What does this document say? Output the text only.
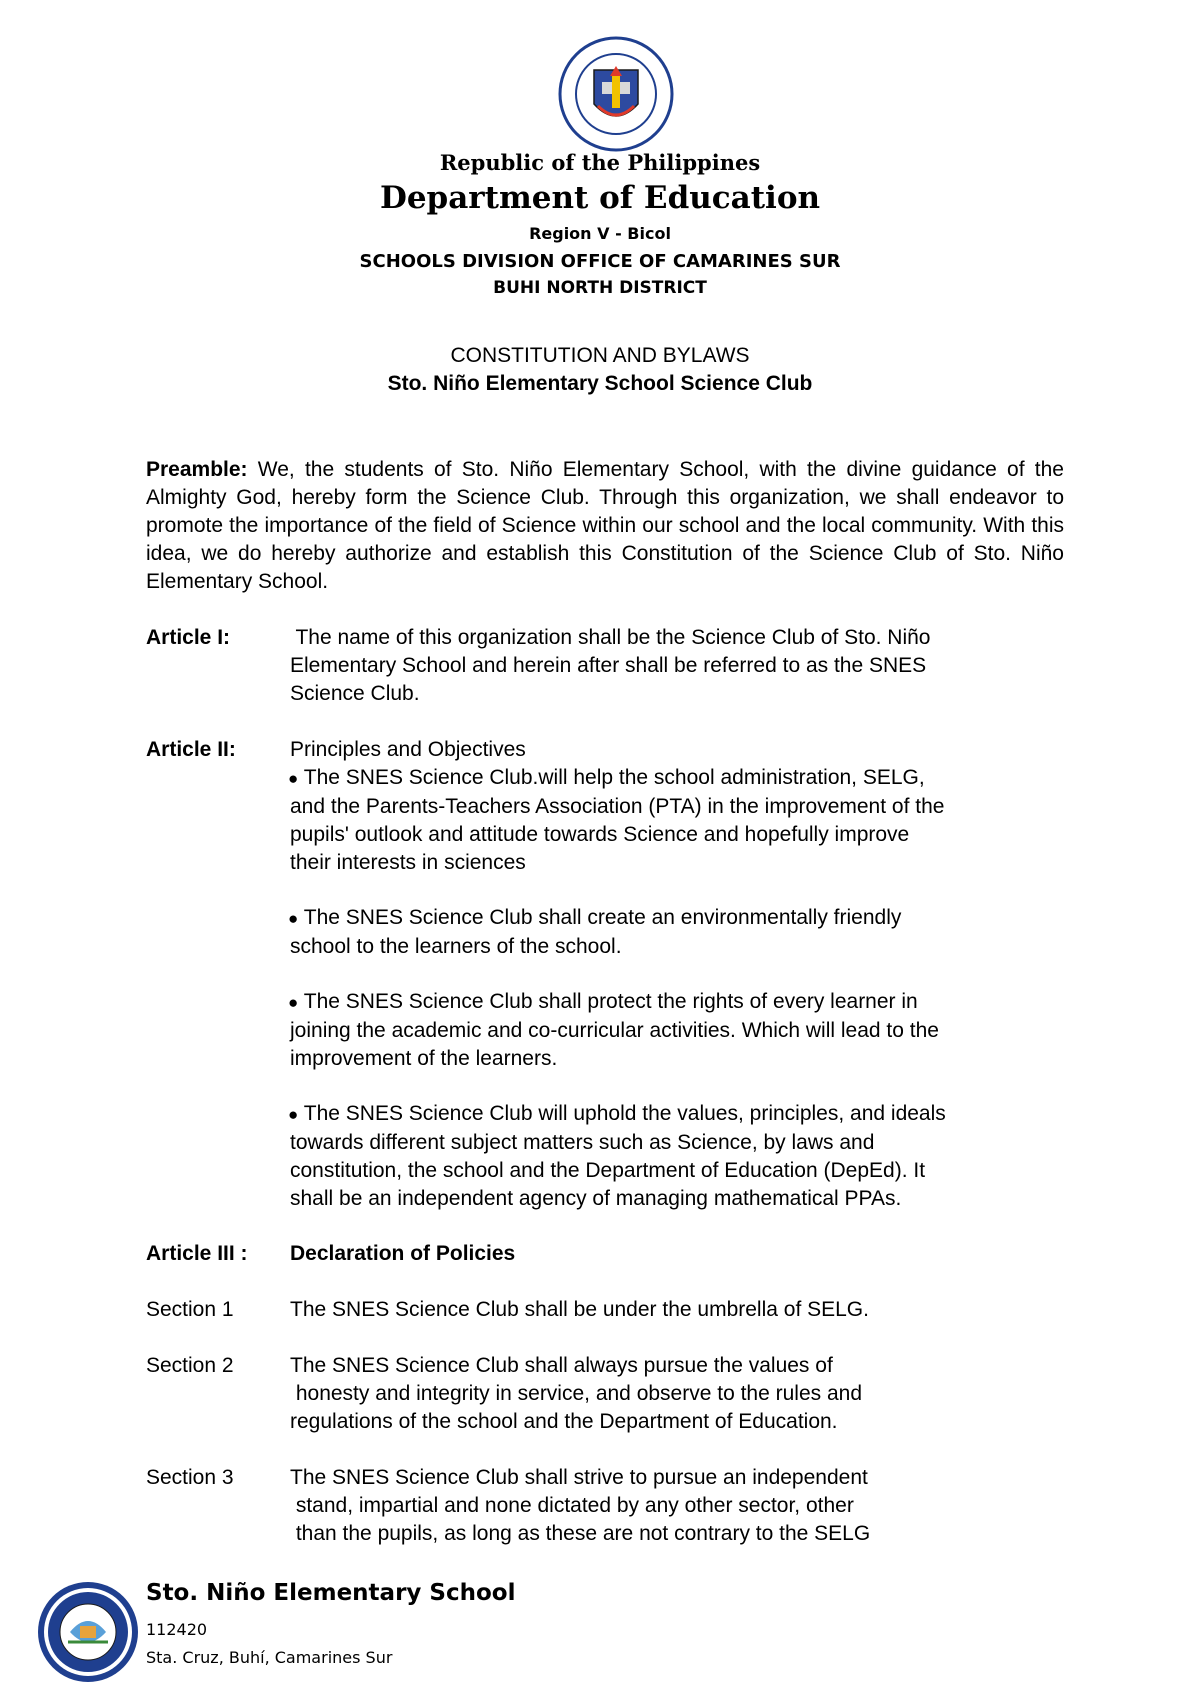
Republic of the Philippines
Department of Education
Region V - Bicol
SCHOOLS DIVISION OFFICE OF CAMARINES SUR
BUHI NORTH DISTRICT
CONSTITUTION AND BYLAWS
Sto. Niño Elementary School Science Club
Preamble: We, the students of Sto. Niño Elementary School, with the divine guidance of the Almighty God, hereby form the Science Club. Through this organization, we shall endeavor to promote the importance of the field of Science within our school and the local community. With this idea, we do hereby authorize and establish this Constitution of the Science Club of Sto. Niño Elementary School.
Article I:	The name of this organization shall be the Science Club of Sto. Niño
Elementary School and herein after shall be referred to as the SNES
Science Club.
Article II:	Principles and Objectives
● The SNES Science Club.will help the school administration, SELG,
and the Parents-Teachers Association (PTA) in the improvement of the
pupils' outlook and attitude towards Science and hopefully improve
their interests in sciences
● The SNES Science Club shall create an environmentally friendly
school to the learners of the school.
● The SNES Science Club shall protect the rights of every learner in
joining the academic and co-curricular activities. Which will lead to the
improvement of the learners.
● The SNES Science Club will uphold the values, principles, and ideals
towards different subject matters such as Science, by laws and
constitution, the school and the Department of Education (DepEd). It
shall be an independent agency of managing mathematical PPAs.
Article III : Declaration of Policies
Section 1	The SNES Science Club shall be under the umbrella of SELG.
Section 2	The SNES Science Club shall always pursue the values of
honesty and integrity in service, and observe to the rules and
regulations of the school and the Department of Education.
Section 3	The SNES Science Club shall strive to pursue an independent
stand, impartial and none dictated by any other sector, other
than the pupils, as long as these are not contrary to the SELG
Sto. Niño Elementary School
112420
Sta. Cruz, Buhí, Camarines Sur
